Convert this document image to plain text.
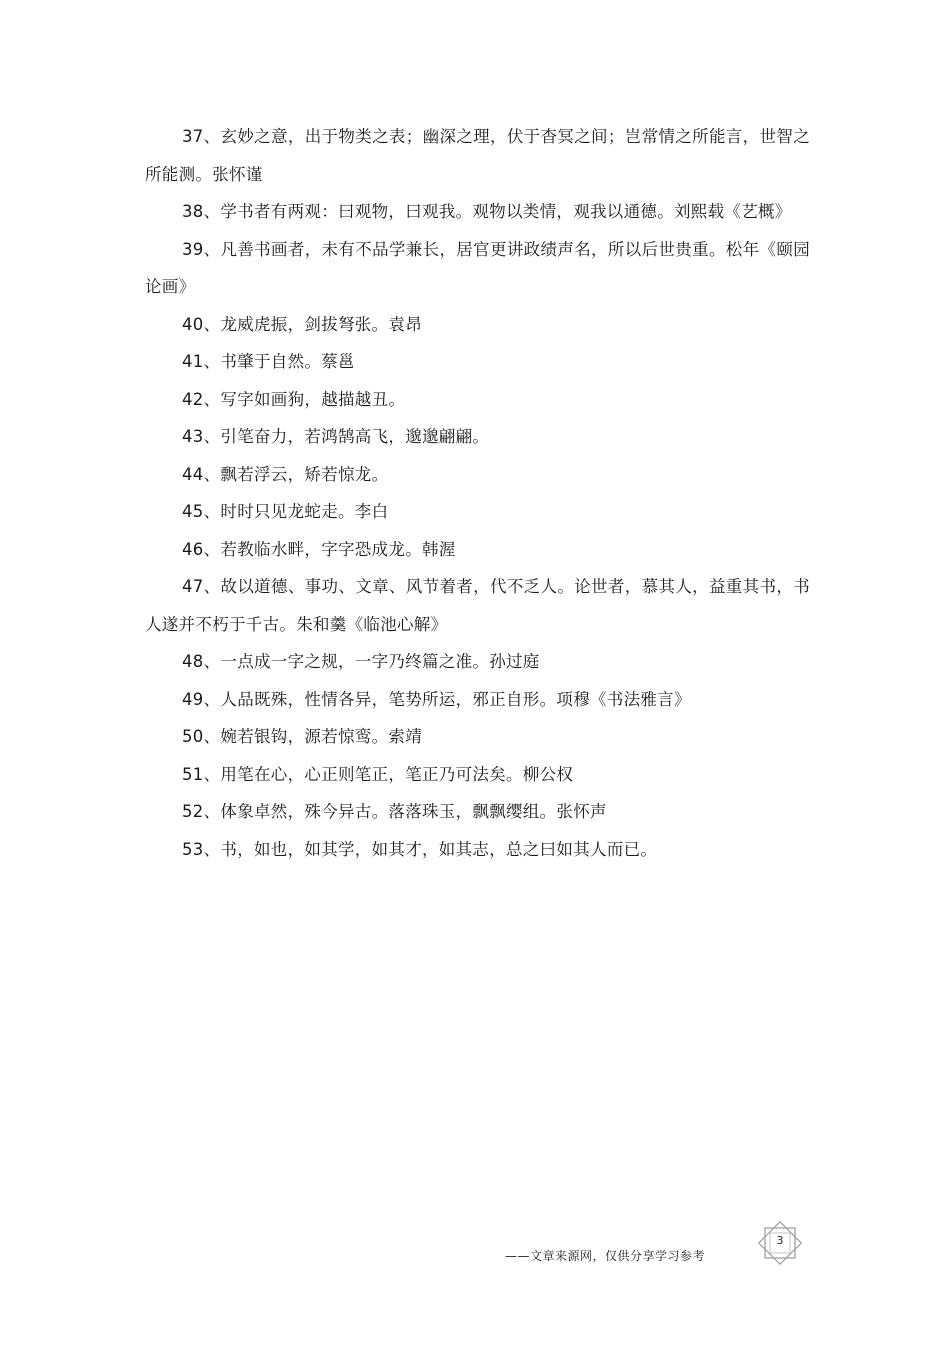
37、玄妙之意，出于物类之表；幽深之理，伏于杳冥之间；岂常情之所能言，世智之所能测。张怀谨

38、学书者有两观：曰观物，曰观我。观物以类情，观我以通德。刘熙载《艺概》

39、凡善书画者，未有不品学兼长，居官更讲政绩声名，所以后世贵重。松年《颐园论画》

40、龙威虎振，剑拔弩张。袁昂

41、书肇于自然。蔡邕

42、写字如画狗，越描越丑。

43、引笔奋力，若鸿鹄高飞，邈邈翩翩。

44、飘若浮云，矫若惊龙。

45、时时只见龙蛇走。李白

46、若教临水畔，字字恐成龙。韩渥

47、故以道德、事功、文章、风节着者，代不乏人。论世者，慕其人，益重其书，书人遂并不朽于千古。朱和羹《临池心解》

48、一点成一字之规，一字乃终篇之准。孙过庭

49、人品既殊，性情各异，笔势所运，邪正自形。项穆《书法雅言》

50、婉若银钩，源若惊鸾。索靖

51、用笔在心，心正则笔正，笔正乃可法矣。柳公权

52、体象卓然，殊今异古。落落珠玉，飘飘缨组。张怀声

53、书，如也，如其学，如其才，如其志，总之曰如其人而已。

——文章来源网，仅供分享学习参考
3
